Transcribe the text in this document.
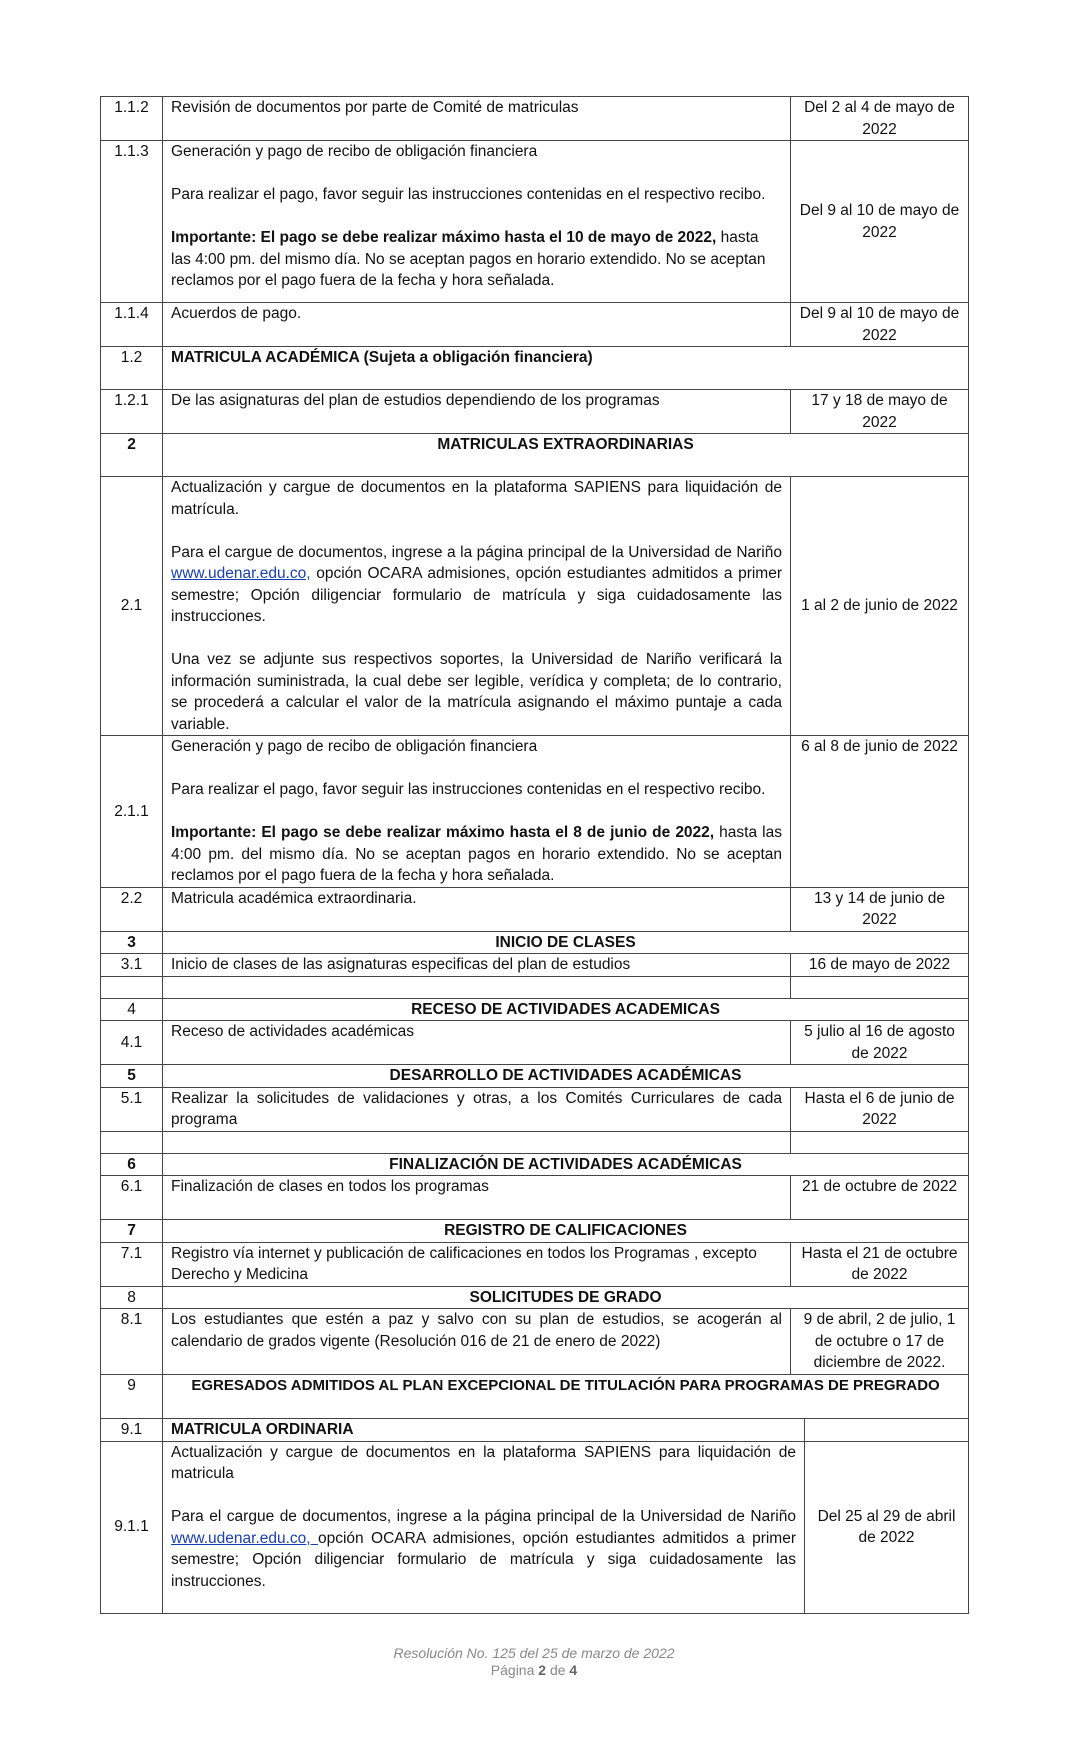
1.1.2	Revisión de documentos por parte de Comité de matriculas	Del 2 al 4 de mayo de 2022	
1.1.3	Generación y pago de recibo de obligación financiera

Para realizar el pago, favor seguir las instrucciones contenidas en el respectivo recibo.

Importante: El pago se debe realizar máximo hasta el 10 de mayo de 2022, hasta las 4:00 pm. del mismo día. No se aceptan pagos en horario extendido. No se aceptan reclamos por el pago fuera de la fecha y hora señalada.	Del 9 al 10 de mayo de 2022	
1.1.4	Acuerdos de pago.	Del 9 al 10 de mayo de 2022	
1.2	MATRICULA ACADÉMICA (Sujeta a obligación financiera)		
1.2.1	De las asignaturas del plan de estudios dependiendo de los programas	17 y 18 de mayo de 2022	
2	MATRICULAS EXTRAORDINARIAS		
2.1	Actualización y cargue de documentos en la plataforma SAPIENS para liquidación de matrícula.

Para el cargue de documentos, ingrese a la página principal de la Universidad de Nariño www.udenar.edu.co, opción OCARA admisiones, opción estudiantes admitidos a primer semestre; Opción diligenciar formulario de matrícula y siga cuidadosamente las instrucciones.

Una vez se adjunte sus respectivos soportes, la Universidad de Nariño verificará la información suministrada, la cual debe ser legible, verídica y completa; de lo contrario, se procederá a calcular el valor de la matrícula asignando el máximo puntaje a cada variable.	1 al 2 de junio de 2022	
2.1.1	Generación y pago de recibo de obligación financiera

Para realizar el pago, favor seguir las instrucciones contenidas en el respectivo recibo.

Importante: El pago se debe realizar máximo hasta el 8 de junio de 2022, hasta las 4:00 pm. del mismo día. No se aceptan pagos en horario extendido. No se aceptan reclamos por el pago fuera de la fecha y hora señalada.	6 al 8 de junio de 2022	
2.2	Matricula académica extraordinaria.	13 y 14 de junio de 2022	
3	INICIO DE CLASES		
3.1	Inicio de clases de las asignaturas especificas del plan de estudios	16 de mayo de 2022	

4	RECESO DE ACTIVIDADES ACADEMICAS		
4.1	Receso de actividades académicas	5 julio al 16 de agosto de 2022	
5	DESARROLLO DE ACTIVIDADES ACADÉMICAS		
5.1	Realizar la solicitudes de validaciones y otras, a los Comités Curriculares de cada programa	Hasta el 6 de junio de 2022	

6	FINALIZACIÓN DE ACTIVIDADES ACADÉMICAS		
6.1	Finalización de clases en todos los programas	21 de octubre de 2022	
7	REGISTRO DE CALIFICACIONES		
7.1	Registro vía internet y publicación de calificaciones en todos los Programas , excepto Derecho y Medicina	Hasta el 21 de octubre de 2022	
8	SOLICITUDES DE GRADO		
8.1	Los estudiantes que estén a paz y salvo con su plan de estudios, se acogerán al calendario de grados vigente (Resolución 016 de 21 de enero de 2022)	9 de abril, 2 de julio, 1 de octubre o 17 de diciembre de 2022.	
9	EGRESADOS ADMITIDOS AL PLAN EXCEPCIONAL DE TITULACIÓN PARA PROGRAMAS DE PREGRADO		
9.1	MATRICULA ORDINARIA		
9.1.1	Actualización y cargue de documentos en la plataforma SAPIENS para liquidación de matricula

Para el cargue de documentos, ingrese a la página principal de la Universidad de Nariño www.udenar.edu.co, opción OCARA admisiones, opción estudiantes admitidos a primer semestre; Opción diligenciar formulario de matrícula y siga cuidadosamente las instrucciones.		Del 25 al 29 de abril de 2022
Resolución No. 125 del 25 de marzo de 2022
Página 2 de 4
